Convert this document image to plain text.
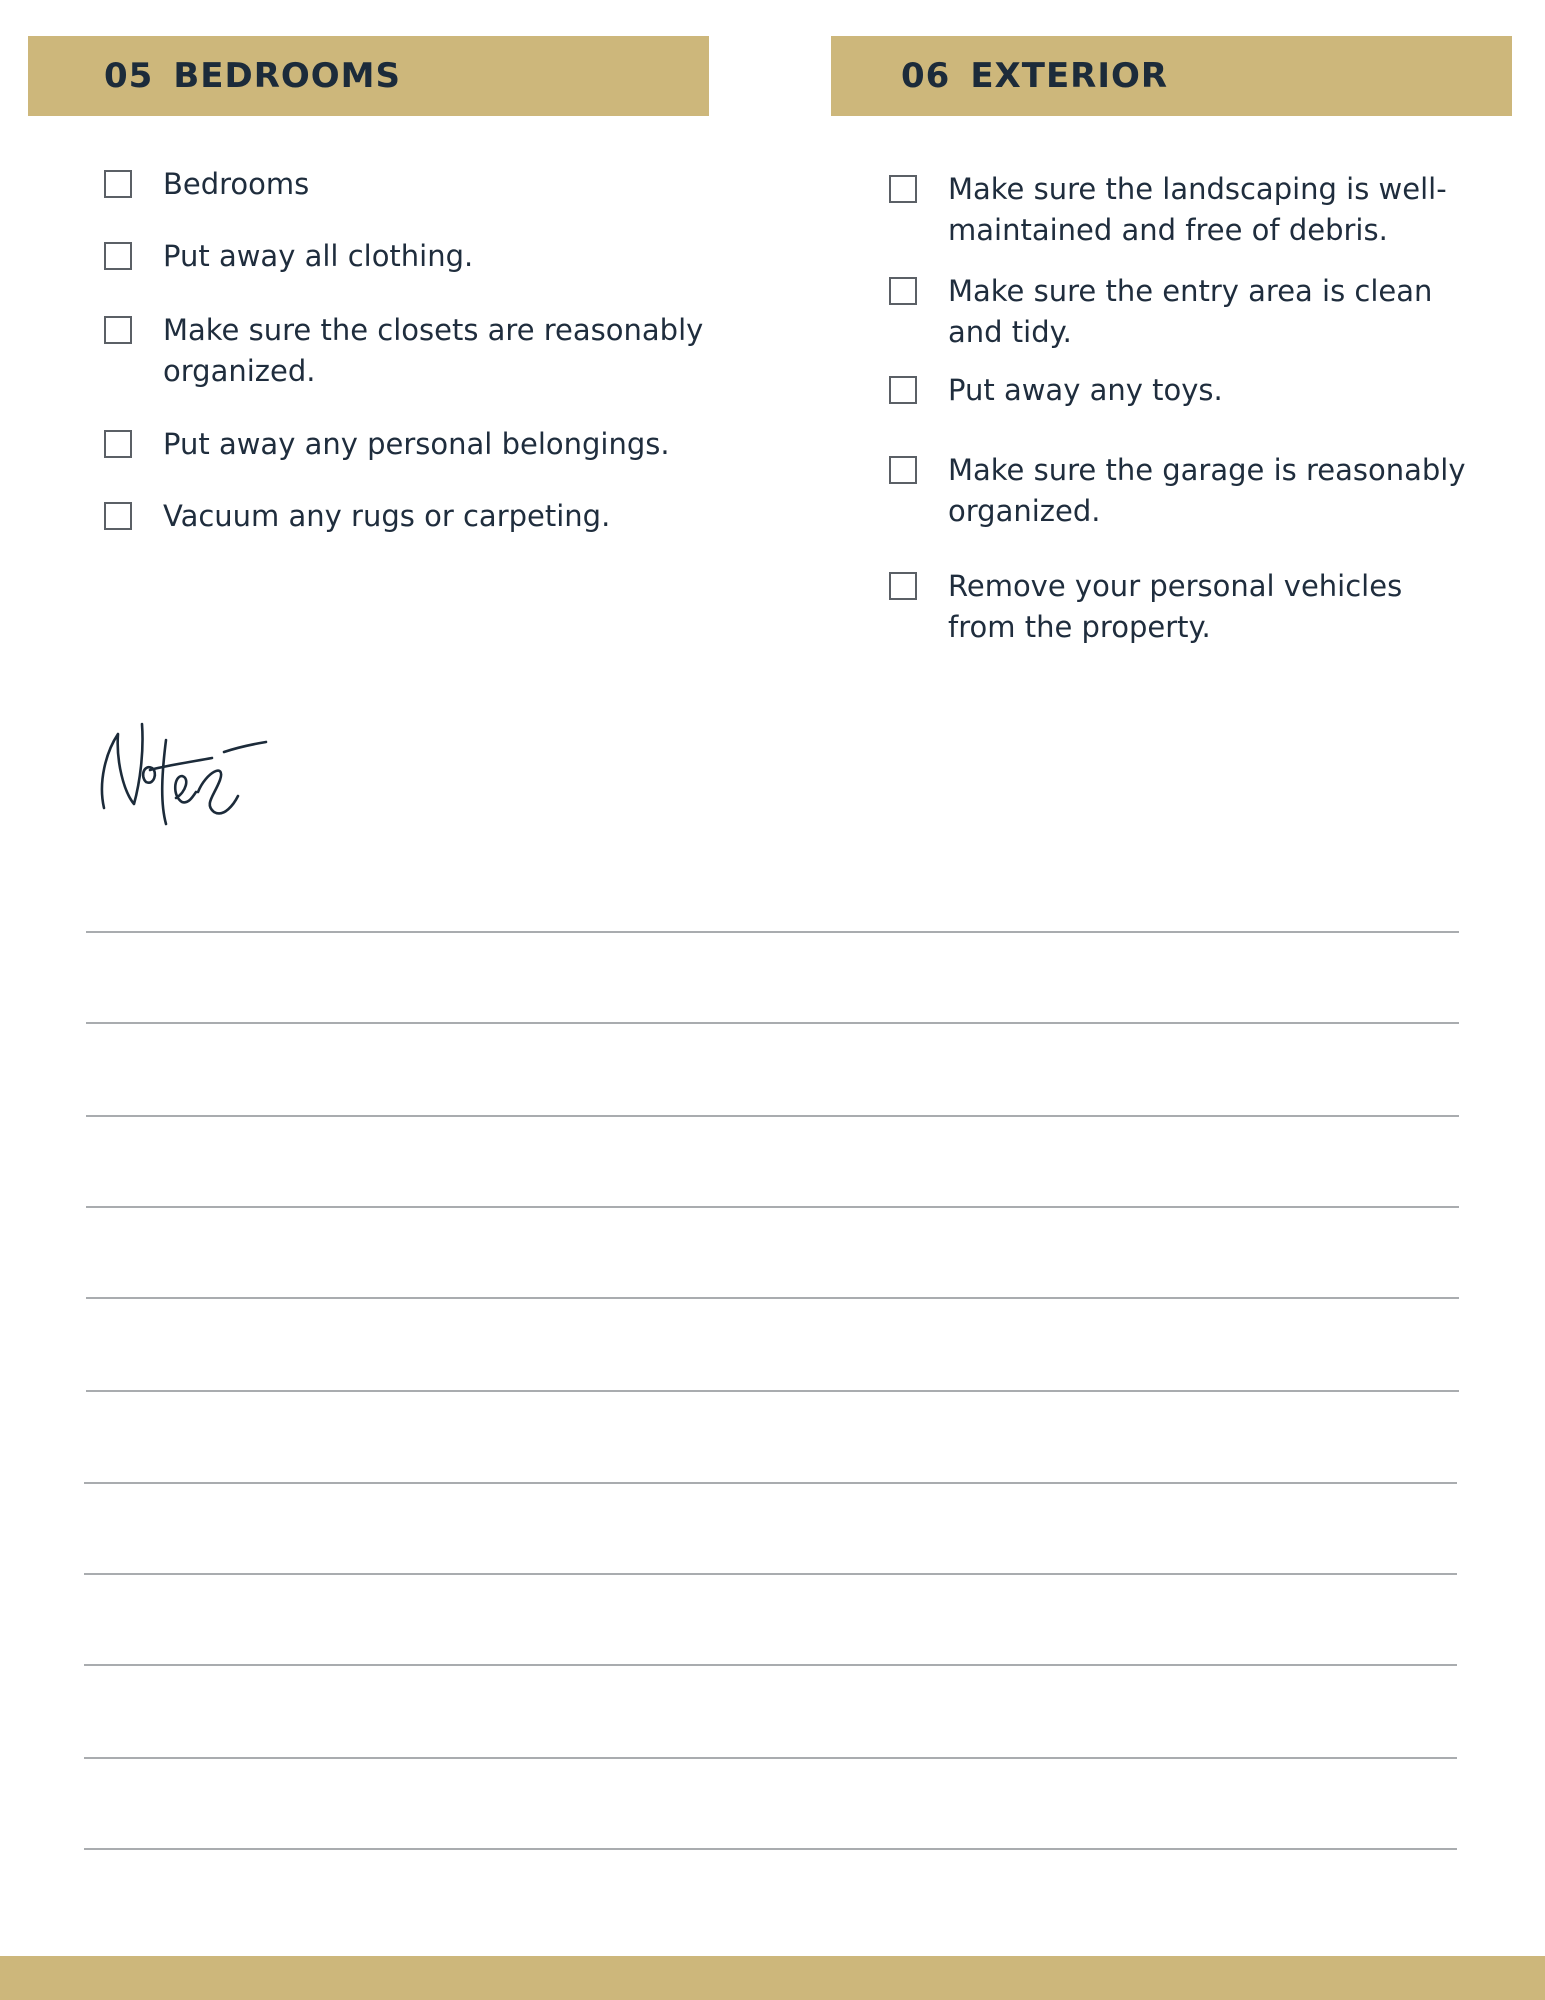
05 BEDROOMS	06 EXTERIOR
Bedrooms
Put away all clothing.
Make sure the closets are reasonably organized.
Put away any personal belongings.
Vacuum any rugs or carpeting.
Make sure the landscaping is well-maintained and free of debris.
Make sure the entry area is clean and tidy.
Put away any toys.
Make sure the garage is reasonably organized.
Remove your personal vehicles from the property.
